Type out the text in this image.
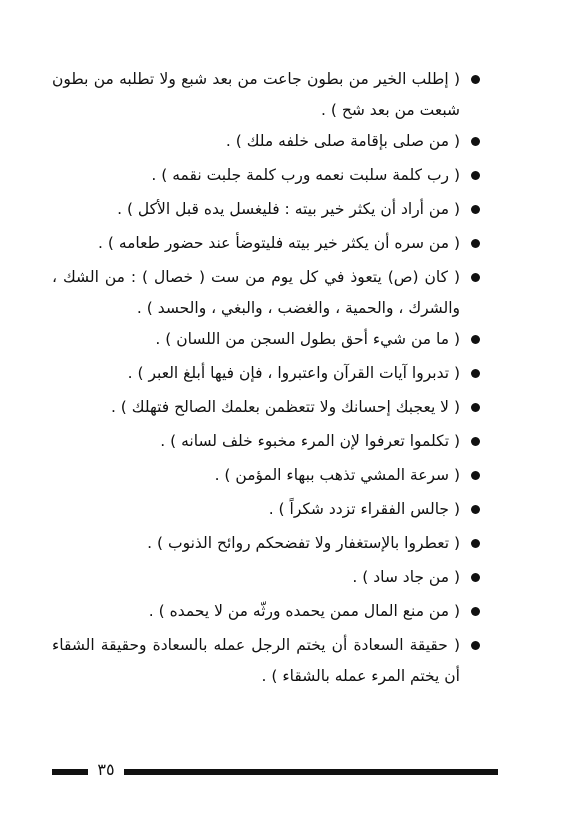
( إطلب الخير من بطون جاعت من بعد شبع ولا تطلبه من بطون شبعت من بعد شح ) .
( من صلى بإقامة صلى خلفه ملك ) .
( رب كلمة سلبت نعمه ورب كلمة جلبت نقمه ) .
( من أراد أن يكثر خير بيته : فليغسل يده قبل الأكل ) .
( من سره أن يكثر خير بيته فليتوضأ عند حضور طعامه ) .
( كان (ص) يتعوذ في كل يوم من ست ( خصال ) : من الشك ، والشرك ، والحمية ، والغضب ، والبغي ، والحسد ) .
( ما من شيء أحق بطول السجن من اللسان ) .
( تدبروا آيات القرآن واعتبروا ، فإن فيها أبلغ العبر ) .
( لا يعجبك إحسانك ولا تتعظمن بعلمك الصالح فتهلك ) .
( تكلموا تعرفوا لإن المرء مخبوء خلف لسانه ) .
( سرعة المشي تذهب ببهاء المؤمن ) .
( جالس الفقراء تزدد شكراً ) .
( تعطروا بالإستغفار ولا تفضحكم روائح الذنوب ) .
( من جاد ساد ) .
( من منع المال ممن يحمده ورثّه من لا يحمده ) .
( حقيقة السعادة أن يختم الرجل عمله بالسعادة وحقيقة الشقاء أن يختم المرء عمله بالشقاء ) .
٣٥
